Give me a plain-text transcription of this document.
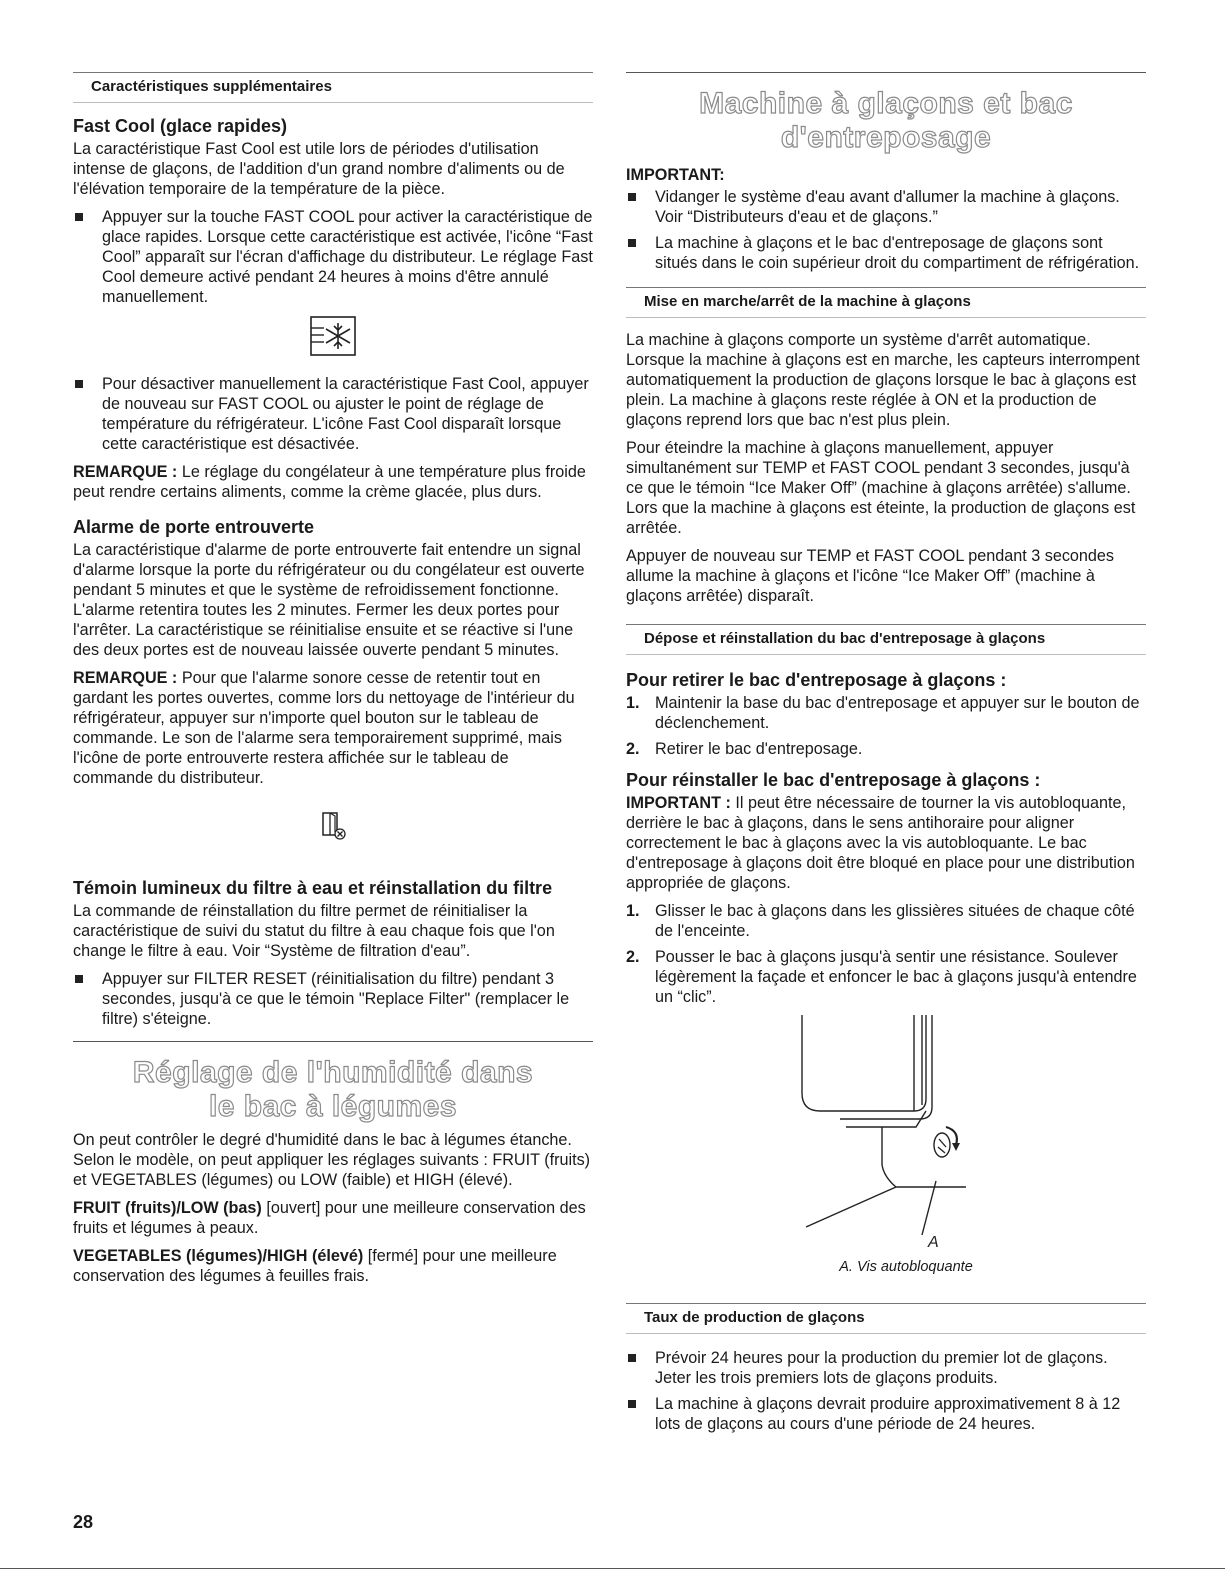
Caractéristiques supplémentaires
Fast Cool (glace rapides)

La caractéristique Fast Cool est utile lors de périodes d'utilisation intense de glaçons, de l'addition d'un grand nombre d'aliments ou de l'élévation temporaire de la température de la pièce.

Appuyer sur la touche FAST COOL pour activer la caractéristique de glace rapides. Lorsque cette caractéristique est activée, l'icône “Fast Cool” apparaît sur l'écran d'affichage du distributeur. Le réglage Fast Cool demeure activé pendant 24 heures à moins d'être annulé manuellement.
Pour désactiver manuellement la caractéristique Fast Cool, appuyer de nouveau sur FAST COOL ou ajuster le point de réglage de température du réfrigérateur. L'icône Fast Cool disparaît lorsque cette caractéristique est désactivée.

REMARQUE : Le réglage du congélateur à une température plus froide peut rendre certains aliments, comme la crème glacée, plus durs.

Alarme de porte entrouverte

La caractéristique d'alarme de porte entrouverte fait entendre un signal d'alarme lorsque la porte du réfrigérateur ou du congélateur est ouverte pendant 5 minutes et que le système de refroidissement fonctionne. L'alarme retentira toutes les 2 minutes. Fermer les deux portes pour l'arrêter. La caractéristique se réinitialise ensuite et se réactive si l'une des deux portes est de nouveau laissée ouverte pendant 5 minutes.

REMARQUE : Pour que l'alarme sonore cesse de retentir tout en gardant les portes ouvertes, comme lors du nettoyage de l'intérieur du réfrigérateur, appuyer sur n'importe quel bouton sur le tableau de commande. Le son de l'alarme sera temporairement supprimé, mais l'icône de porte entrouverte restera affichée sur le tableau de commande du distributeur.

Témoin lumineux du filtre à eau et réinstallation du filtre

La commande de réinstallation du filtre permet de réinitialiser la caractéristique de suivi du statut du filtre à eau chaque fois que l'on change le filtre à eau. Voir “Système de filtration d'eau”.

Appuyer sur FILTER RESET (réinitialisation du filtre) pendant 3 secondes, jusqu'à ce que le témoin "Replace Filter" (remplacer le filtre) s'éteigne.
Réglage de l'humidité dans
le bac à légumes

On peut contrôler le degré d'humidité dans le bac à légumes étanche. Selon le modèle, on peut appliquer les réglages suivants : FRUIT (fruits) et VEGETABLES (légumes) ou LOW (faible) et HIGH (élevé).

FRUIT (fruits)/LOW (bas) [ouvert] pour une meilleure conservation des fruits et légumes à peaux.

VEGETABLES (légumes)/HIGH (élevé) [fermé] pour une meilleure conservation des légumes à feuilles frais.

Machine à glaçons et bac d'entreposage

IMPORTANT:

Vidanger le système d'eau avant d'allumer la machine à glaçons. Voir “Distributeurs d'eau et de glaçons.”
La machine à glaçons et le bac d'entreposage de glaçons sont situés dans le coin supérieur droit du compartiment de réfrigération.
Mise en marche/arrêt de la machine à glaçons

La machine à glaçons comporte un système d'arrêt automatique. Lorsque la machine à glaçons est en marche, les capteurs interrompent automatiquement la production de glaçons lorsque le bac à glaçons est plein. La machine à glaçons reste réglée à ON et la production de glaçons reprend lors que bac n'est plus plein.

Pour éteindre la machine à glaçons manuellement, appuyer simultanément sur TEMP et FAST COOL pendant 3 secondes, jusqu'à ce que le témoin “Ice Maker Off” (machine à glaçons arrêtée) s'allume. Lors que la machine à glaçons est éteinte, la production de glaçons est arrêtée.

Appuyer de nouveau sur TEMP et FAST COOL pendant 3 secondes allume la machine à glaçons et l'icône “Ice Maker Off” (machine à glaçons arrêtée) disparaît.

Dépose et réinstallation du bac d'entreposage à glaçons
Pour retirer le bac d'entreposage à glaçons :
1. Maintenir la base du bac d'entreposage et appuyer sur le bouton de déclenchement.
2. Retirer le bac d'entreposage.
Pour réinstaller le bac d'entreposage à glaçons :

IMPORTANT : Il peut être nécessaire de tourner la vis autobloquante, derrière le bac à glaçons, dans le sens antihoraire pour aligner correctement le bac à glaçons avec la vis autobloquante. Le bac d'entreposage à glaçons doit être bloqué en place pour une distribution appropriée de glaçons.

1. Glisser le bac à glaçons dans les glissières situées de chaque côté de l'enceinte.
2. Pousser le bac à glaçons jusqu'à sentir une résistance. Soulever légèrement la façade et enfoncer le bac à glaçons jusqu'à entendre un “clic”.
A
A. Vis autobloquante
Taux de production de glaçons
Prévoir 24 heures pour la production du premier lot de glaçons. Jeter les trois premiers lots de glaçons produits.
La machine à glaçons devrait produire approximativement 8 à 12 lots de glaçons au cours d'une période de 24 heures.
28
